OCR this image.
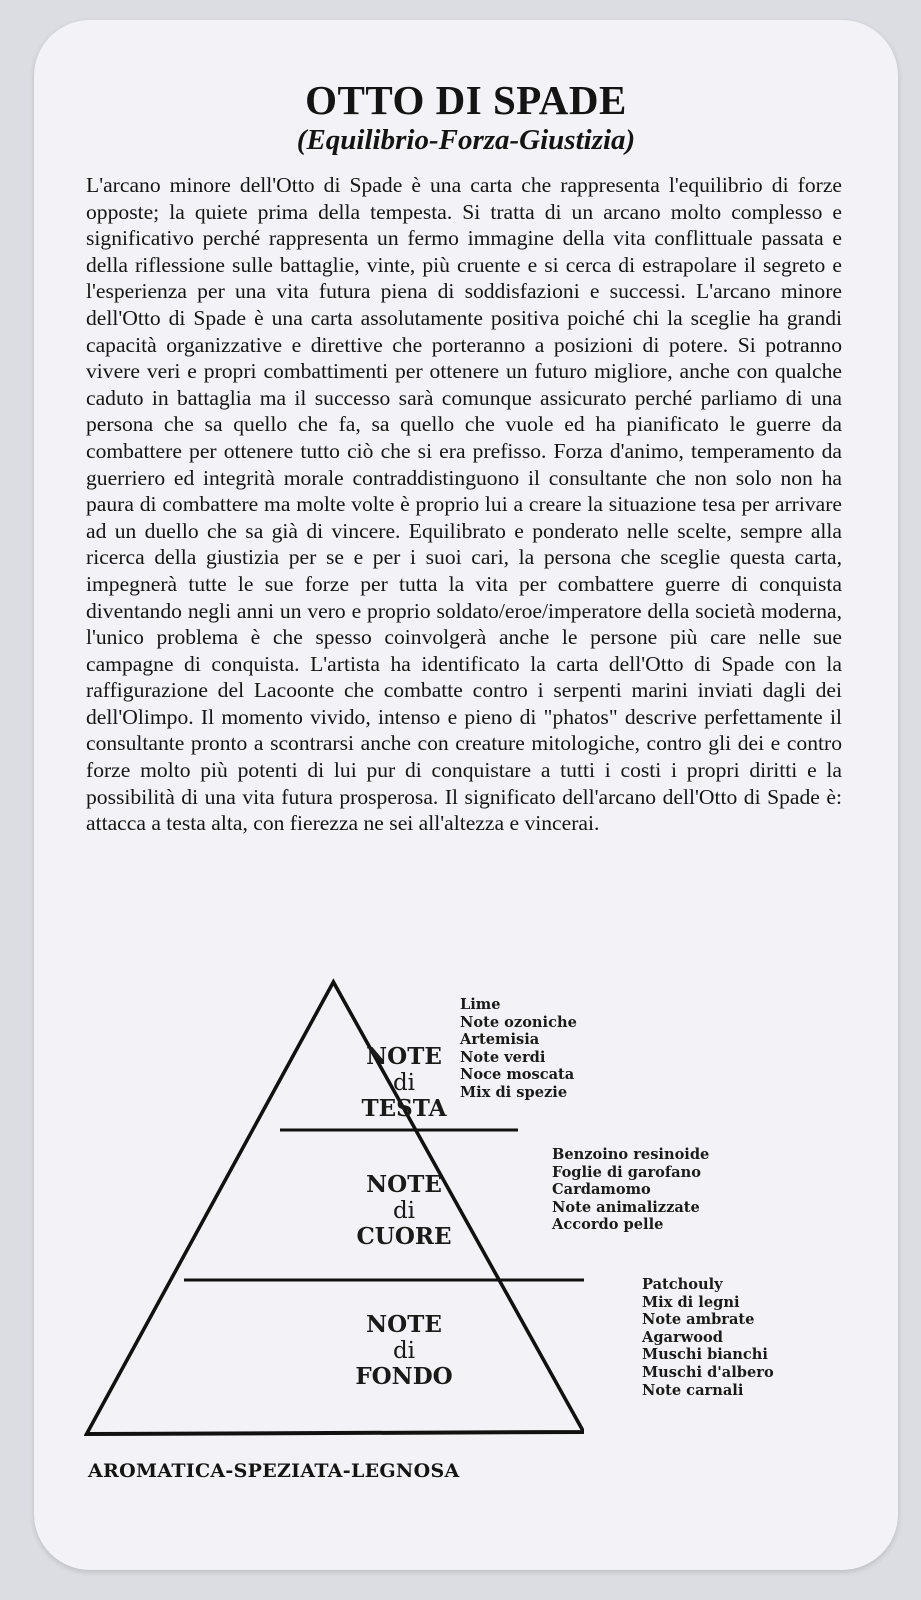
OTTO DI SPADE
(Equilibrio-Forza-Giustizia)

L'arcano minore dell'Otto di Spade è una carta che rappresenta l'equilibrio di forze opposte; la quiete prima della tempesta. Si tratta di un arcano molto complesso e significativo perché rappresenta un fermo immagine della vita conflittuale passata e della riflessione sulle battaglie, vinte, più cruente e si cerca di estrapolare il segreto e l'esperienza per una vita futura piena di soddisfazioni e successi. L'arcano minore dell'Otto di Spade è una carta assolutamente positiva poiché chi la sceglie ha grandi capacità organizzative e direttive che porteranno a posizioni di potere. Si potranno vivere veri e propri combattimenti per ottenere un futuro migliore, anche con qualche caduto in battaglia ma il successo sarà comunque assicurato perché parliamo di una persona che sa quello che fa, sa quello che vuole ed ha pianificato le guerre da combattere per ottenere tutto ciò che si era prefisso. Forza d'animo, temperamento da guerriero ed integrità morale contraddistinguono il consultante che non solo non ha paura di combattere ma molte volte è proprio lui a creare la situazione tesa per arrivare ad un duello che sa già di vincere. Equilibrato e ponderato nelle scelte, sempre alla ricerca della giustizia per se e per i suoi cari, la persona che sceglie questa carta, impegnerà tutte le sue forze per tutta la vita per combattere guerre di conquista diventando negli anni un vero e proprio soldato/eroe/imperatore della società moderna, l'unico problema è che spesso coinvolgerà anche le persone più care nelle sue campagne di conquista. L'artista ha identificato la carta dell'Otto di Spade con la raffigurazione del Lacoonte che combatte contro i serpenti marini inviati dagli dei dell'Olimpo. Il momento vivido, intenso e pieno di "phatos" descrive perfettamente il consultante pronto a scontrarsi anche con creature mitologiche, contro gli dei e contro forze molto più potenti di lui pur di conquistare a tutti i costi i propri diritti e la possibilità di una vita futura prosperosa. Il significato dell'arcano dell'Otto di Spade è: attacca a testa alta, con fierezza ne sei all'altezza e vincerai.

NOTE
di
TESTA
NOTE
di
CUORE
NOTE
di
FONDO
Lime
Note ozoniche
Artemisia
Note verdi
Noce moscata
Mix di spezie
Benzoino resinoide
Foglie di garofano
Cardamomo
Note animalizzate
Accordo pelle
Patchouly
Mix di legni
Note ambrate
Agarwood
Muschi bianchi
Muschi d'albero
Note carnali

AROMATICA-SPEZIATA-LEGNOSA
